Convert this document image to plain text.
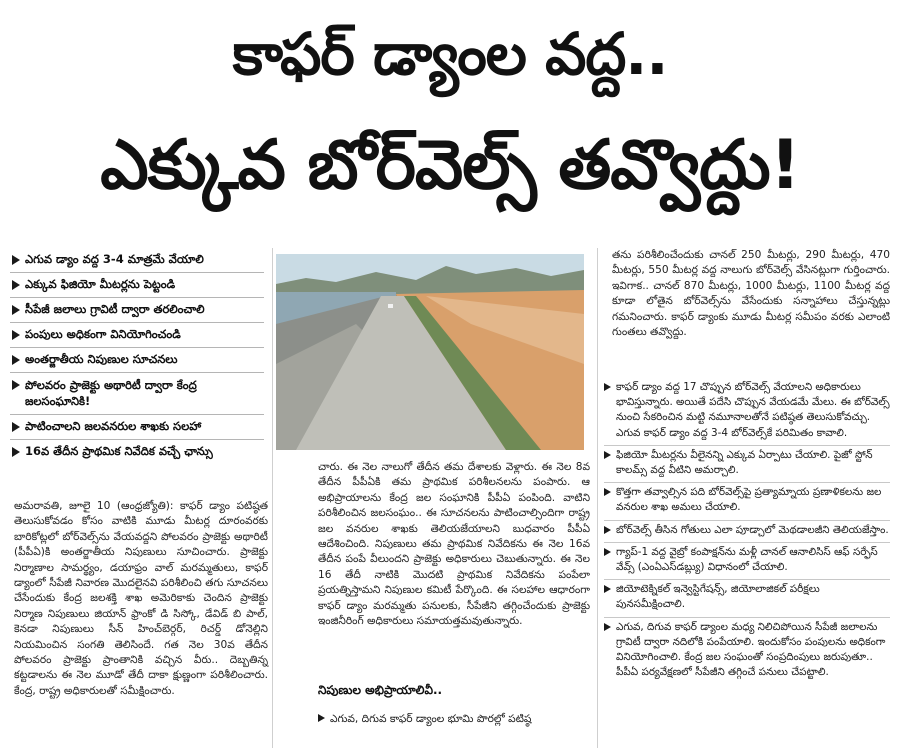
కాఫర్ డ్యాంల వద్ద..
ఎక్కువ బోర్‌వెల్స్ తవ్వొద్దు!
ఎగువ డ్యాం వద్ద 3-4 మాత్రమే వేయాలి
ఎక్కువ ఫిజియో మీటర్లను పెట్టండి
సీపేజీ జలాలు గ్రావిటీ ద్వారా తరలించాలి
పంపులు అధికంగా వినియోగించండి
అంతర్జాతీయ నిపుణుల సూచనలు
పోలవరం ప్రాజెక్టు అథారిటీ ద్వారా కేంద్ర జలసంఘానికి!
పాటించాలని జలవనరుల శాఖకు సలహా
16వ తేదీన ప్రాథమిక నివేదిక వచ్చే ఛాన్సు

అమరావతి, జూలై 10 (ఆంధ్రజ్యోతి): కాఫర్ డ్యాం పటిష్ఠత తెలుసుకోవడం కోసం వాటికి మూడు మీటర్ల దూరంవరకు బారికోట్లలో బోర్‌వెల్స్‌ను వేయవద్దని పోలవరం ప్రాజెక్టు అథారిటీ (పీపీఏ)కి అంతర్జాతీయ నిపుణులు సూచించారు. ప్రాజెక్టు నిర్మాణాల సామర్థ్యం, డయాఫ్రం వాల్ మరమ్మతులు, కాఫర్ డ్యాంలో సీపేజీ నివారణ మొదలైనవి పరిశీలించి తగు సూచనలు చేసేందుకు కేంద్ర జలశక్తి శాఖ అమెరికాకు చెందిన ప్రాజెక్టు నిర్మాణ నిపుణులు జియాన్ ఫ్రాంకో డి సిస్కో, డేవిడ్ బి పాల్, కెనడా నిపుణులు సీన్ హించ్‌బెర్గర్, రిచర్డ్ డోనెల్లిని నియమించిన సంగతి తెలిసిందే. గత నెల 30వ తేదీన పోలవరం ప్రాజెక్టు ప్రాంతానికి వచ్చిన వీరు.. దెబ్బతిన్న కట్టడాలను ఈ నెల మూడో తేదీ దాకా క్షుణ్ణంగా పరిశీలించారు. కేంద్ర, రాష్ట్ర అధికారులతో సమీక్షించారు.

చారు. ఈ నెల నాలుగో తేదీన తమ దేశాలకు వెళ్లారు. ఈ నెల 8వ తేదీన పీపీఏకి తమ ప్రాథమిక పరిశీలనలను పంపారు. ఆ అభిప్రాయాలను కేంద్ర జల సంఘానికి పీపీఏ పంపింది. వాటిని పరిశీలించిన జలసంఘం.. ఈ సూచనలను పాటించాల్సిందిగా రాష్ట్ర జల వనరుల శాఖకు తెలియజేయాలని బుధవారం పీపీఏ ఆదేశించింది. నిపుణులు తమ ప్రాథమిక నివేదికను ఈ నెల 16వ తేదీన పంపే వీలుందని ప్రాజెక్టు అధికారులు చెబుతున్నారు. ఈ నెల 16 తేదీ నాటికి మొదటి ప్రాథమిక నివేదికను పంపేలా ప్రయత్నిస్తామని నిపుణుల కమిటీ పేర్కొంది. ఈ సలహాల ఆధారంగా కాఫర్ డ్యాం మరమ్మతు పనులకు, సీపేజీని తగ్గించేందుకు ప్రాజెక్టు ఇంజినీరింగ్ అధికారులు సమాయత్తమవుతున్నారు.

నిపుణుల అభిప్రాయాలివీ..
ఎగువ, దిగువ కాఫర్ డ్యాంల భూమి పొరల్లో పటిష్ఠ

తను పరిశీలించేందుకు చానల్ 250 మీటర్లు, 290 మీటర్లు, 470 మీటర్లు, 550 మీటర్ల వద్ద నాలుగు బోర్‌వెల్స్ వేసినట్లుగా గుర్తించారు. ఇవిగాక.. చానల్ 870 మీటర్లు, 1000 మీటర్లు, 1100 మీటర్ల వద్ద కూడా లోతైన బోర్‌వెల్స్‌ను వేసేందుకు సన్నాహాలు చేస్తున్నట్లు గమనించారు. కాఫర్ డ్యాంకు మూడు మీటర్ల సమీపం వరకు ఎలాంటి గుంతలు తవ్వొద్దు.

కాఫర్ డ్యాం వద్ద 17 చొప్పున బోర్‌వెల్స్ వేయాలని అధికారులు భావిస్తున్నారు. అయితే పదేసి చొప్పున వేయడమే మేలు. ఈ బోర్‌వెల్స్ నుంచి సేకరించిన మట్టి నమూనాలతోనే పటిష్ఠత తెలుసుకోవచ్చు. ఎగువ కాఫర్ డ్యాం వద్ద 3-4 బోర్‌వెల్స్‌కే పరిమితం కావాలి.
ఫిజియో మీటర్లను వీలైనన్ని ఎక్కువ ఏర్పాటు చేయాలి. పైజో స్టోన్ కాలమ్స్ వద్ద వీటిని అమర్చాలి.
కొత్తగా తవ్వాల్సిన పది బోర్‌వెల్స్‌పై ప్రత్యామ్నాయ ప్రణాళికలను జల వనరుల శాఖ అమలు చేయాలి.
బోర్‌వెల్స్ తీసిన గోతులు ఎలా పూడ్చాలో మెథడాలజీని తెలియజేస్తాం.
గ్యాప్-1 వద్ద వైబ్రో కంపాక్షన్‌ను మళ్లీ చానల్ ఆనాలిసిస్ ఆఫ్ సర్ఫేస్ వేవ్స్ (ఎంఏఎస్‌డబ్ల్యు) విధానంలో చేయాలి.
జియోటెక్నికల్ ఇన్వెస్టిగేషన్స్, జియోలాజికల్ పరీక్షలు పునసమీక్షించాలి.
ఎగువ, దిగువ కాఫర్ డ్యాంల మధ్య నిలిచిపోయిన సీపేజీ జలాలను గ్రావిటీ ద్వారా నదిలోకి పంపేయాలి. ఇందుకోసం పంపులను అధికంగా వినియోగించాలి. కేంద్ర జల సంఘంతో సంప్రదింపులు జరుపుతూ.. పీపీఏ పర్యవేక్షణలో సీపేజీని తగ్గించే పనులు చేపట్టాలి.
